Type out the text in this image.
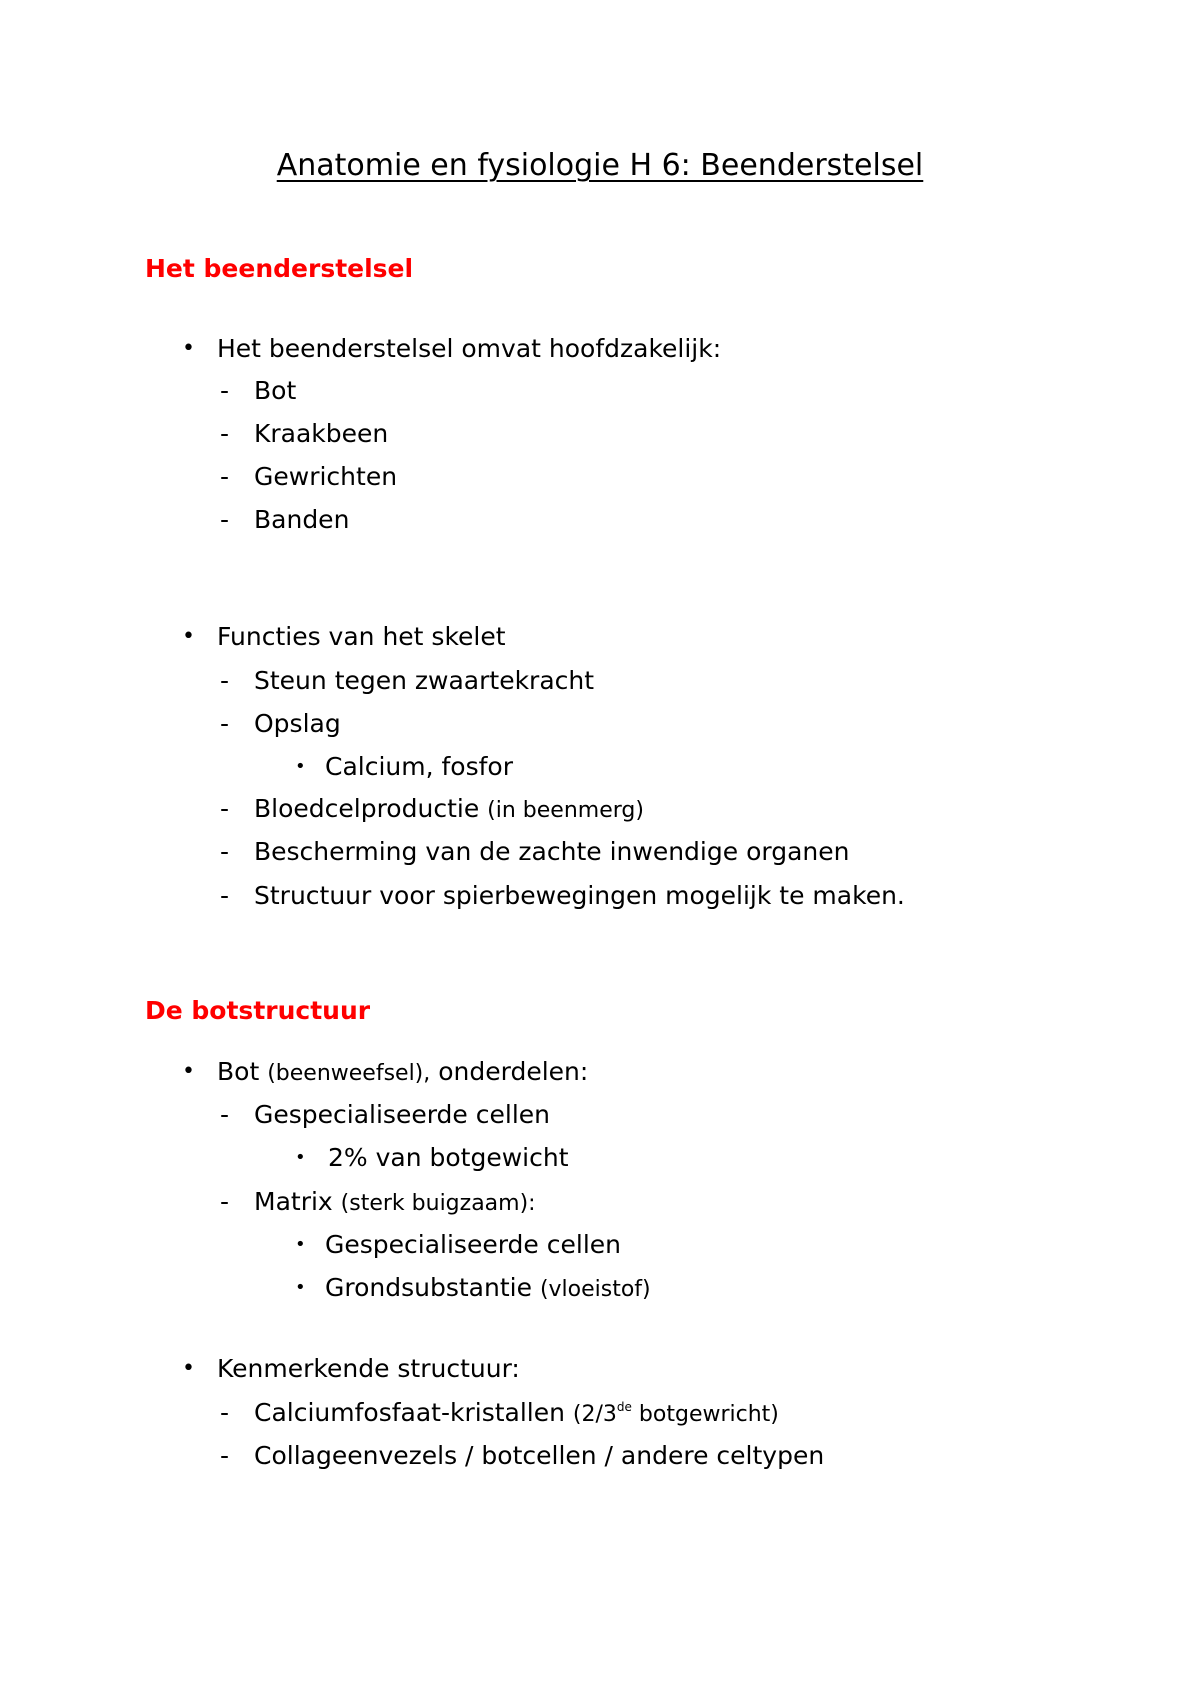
Anatomie en fysiologie H 6: Beenderstelsel
Het beenderstelsel
• Het beenderstelsel omvat hoofdzakelijk:
- Bot
- Kraakbeen
- Gewrichten
- Banden
• Functies van het skelet
- Steun tegen zwaartekracht
- Opslag
• Calcium, fosfor
- Bloedcelproductie (in beenmerg)
- Bescherming van de zachte inwendige organen
- Structuur voor spierbewegingen mogelijk te maken.
De botstructuur
• Bot (beenweefsel), onderdelen:
- Gespecialiseerde cellen
• 2% van botgewicht
- Matrix (sterk buigzaam):
• Gespecialiseerde cellen
• Grondsubstantie (vloeistof)
• Kenmerkende structuur:
- Calciumfosfaat-kristallen (2/3de botgewricht)
- Collageenvezels / botcellen / andere celtypen
